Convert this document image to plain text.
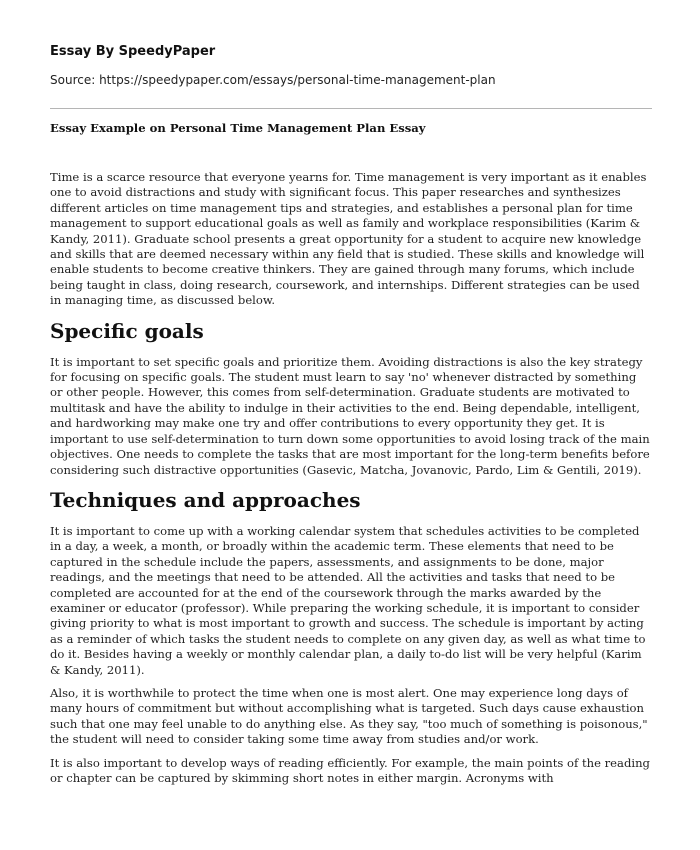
Essay By SpeedyPaper

Source: https://speedypaper.com/essays/personal-time-management-plan

Essay Example on Personal Time Management Plan Essay

Time is a scarce resource that everyone yearns for. Time management is very important as it enables one to avoid distractions and study with significant focus. This paper researches and synthesizes different articles on time management tips and strategies, and establishes a personal plan for time management to support educational goals as well as family and workplace responsibilities (Karim & Kandy, 2011). Graduate school presents a great opportunity for a student to acquire new knowledge and skills that are deemed necessary within any field that is studied. These skills and knowledge will enable students to become creative thinkers. They are gained through many forums, which include being taught in class, doing research, coursework, and internships. Different strategies can be used in managing time, as discussed below.

Specific goals

It is important to set specific goals and prioritize them. Avoiding distractions is also the key strategy for focusing on specific goals. The student must learn to say 'no' whenever distracted by something or other people. However, this comes from self-determination. Graduate students are motivated to multitask and have the ability to indulge in their activities to the end. Being dependable, intelligent, and hardworking may make one try and offer contributions to every opportunity they get. It is important to use self-determination to turn down some opportunities to avoid losing track of the main objectives. One needs to complete the tasks that are most important for the long-term benefits before considering such distractive opportunities (Gasevic, Matcha, Jovanovic, Pardo, Lim & Gentili, 2019).

Techniques and approaches

It is important to come up with a working calendar system that schedules activities to be completed in a day, a week, a month, or broadly within the academic term. These elements that need to be captured in the schedule include the papers, assessments, and assignments to be done, major readings, and the meetings that need to be attended. All the activities and tasks that need to be completed are accounted for at the end of the coursework through the marks awarded by the examiner or educator (professor). While preparing the working schedule, it is important to consider giving priority to what is most important to growth and success. The schedule is important by acting as a reminder of which tasks the student needs to complete on any given day, as well as what time to do it. Besides having a weekly or monthly calendar plan, a daily to-do list will be very helpful (Karim & Kandy, 2011).

Also, it is worthwhile to protect the time when one is most alert. One may experience long days of many hours of commitment but without accomplishing what is targeted. Such days cause exhaustion such that one may feel unable to do anything else. As they say, "too much of something is poisonous," the student will need to consider taking some time away from studies and/or work.

It is also important to develop ways of reading efficiently. For example, the main points of the reading or chapter can be captured by skimming short notes in either margin. Acronyms with
